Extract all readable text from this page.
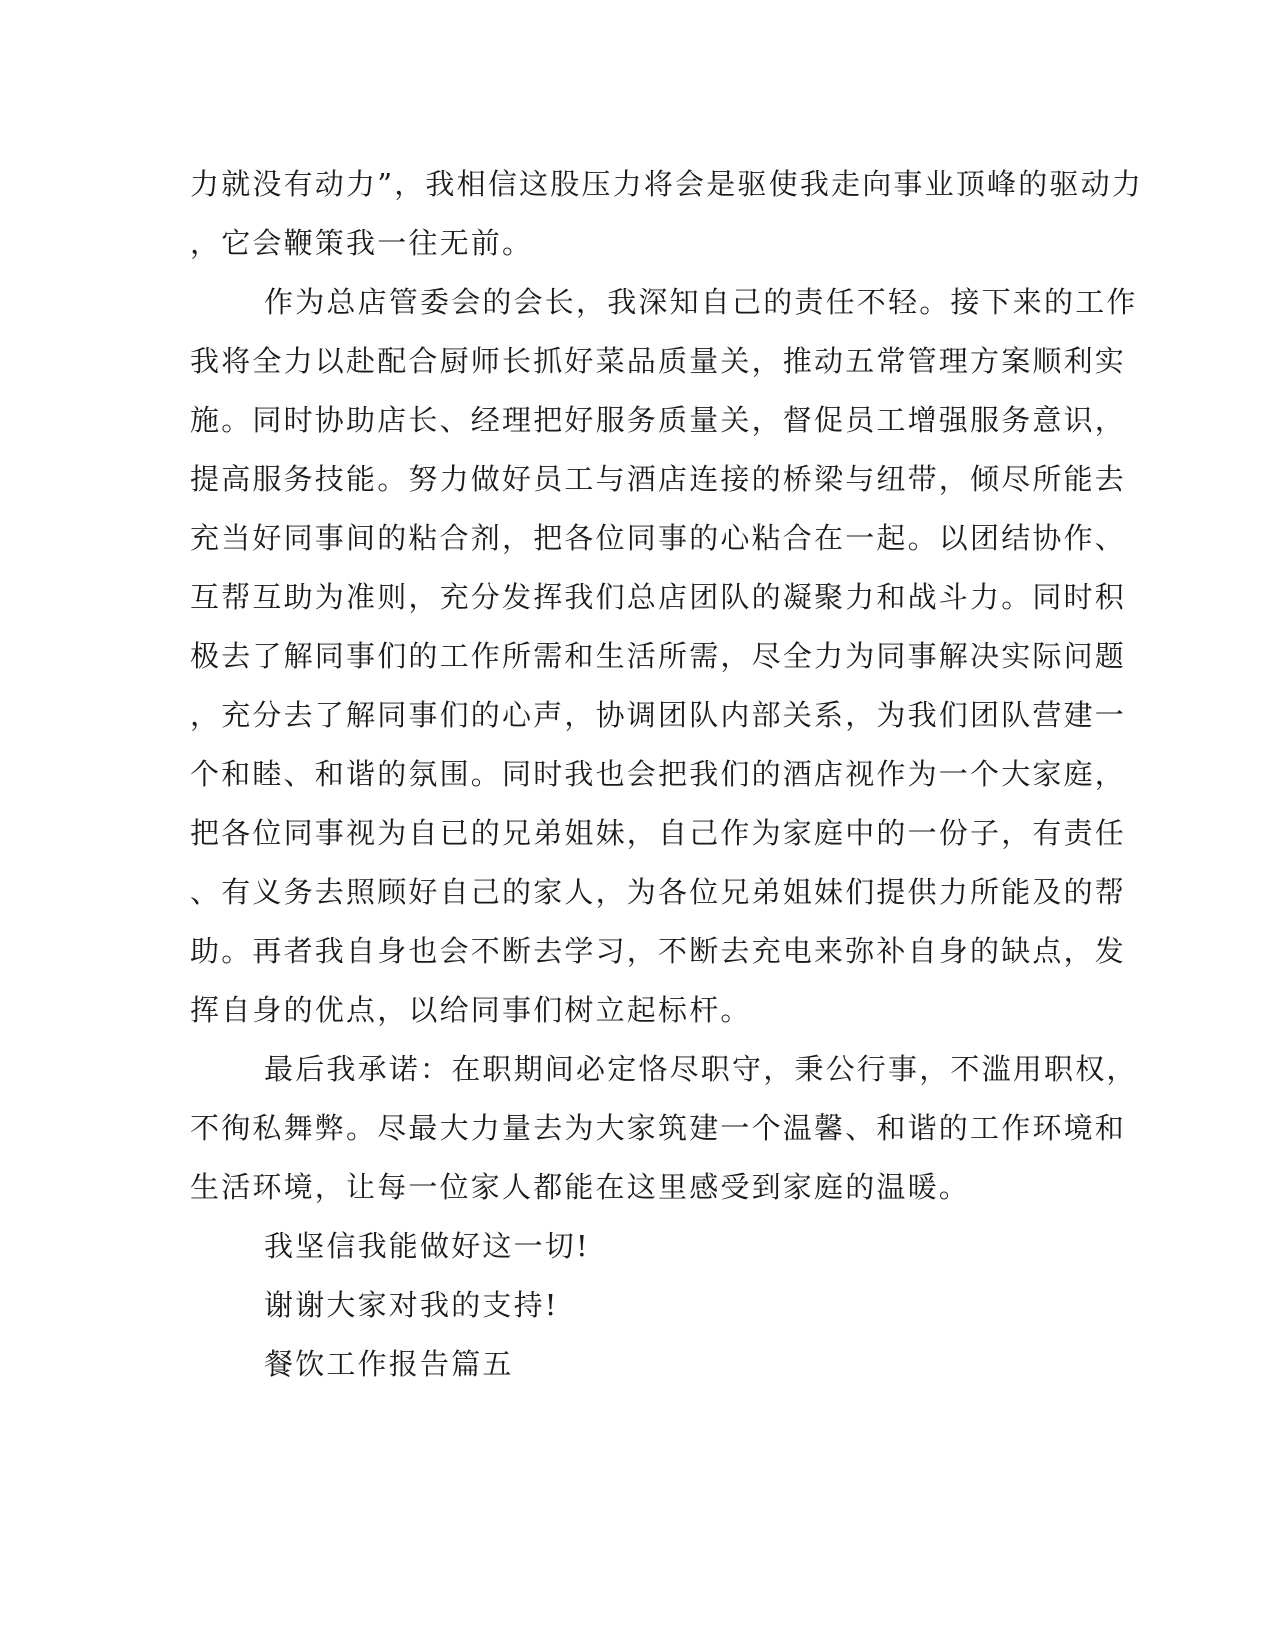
力就没有动力”，我相信这股压力将会是驱使我走向事业顶峰的驱动力
，它会鞭策我一往无前。
作为总店管委会的会长，我深知自己的责任不轻。接下来的工作
我将全力以赴配合厨师长抓好菜品质量关，推动五常管理方案顺利实
施。同时协助店长、经理把好服务质量关，督促员工增强服务意识，
提高服务技能。努力做好员工与酒店连接的桥梁与纽带，倾尽所能去
充当好同事间的粘合剂，把各位同事的心粘合在一起。以团结协作、
互帮互助为准则，充分发挥我们总店团队的凝聚力和战斗力。同时积
极去了解同事们的工作所需和生活所需，尽全力为同事解决实际问题
，充分去了解同事们的心声，协调团队内部关系，为我们团队营建一
个和睦、和谐的氛围。同时我也会把我们的酒店视作为一个大家庭，
把各位同事视为自已的兄弟姐妹，自己作为家庭中的一份子，有责任
、有义务去照顾好自己的家人，为各位兄弟姐妹们提供力所能及的帮
助。再者我自身也会不断去学习，不断去充电来弥补自身的缺点，发
挥自身的优点，以给同事们树立起标杆。
最后我承诺：在职期间必定恪尽职守，秉公行事，不滥用职权，
不徇私舞弊。尽最大力量去为大家筑建一个温馨、和谐的工作环境和
生活环境，让每一位家人都能在这里感受到家庭的温暖。
我坚信我能做好这一切!
谢谢大家对我的支持!
餐饮工作报告篇五
